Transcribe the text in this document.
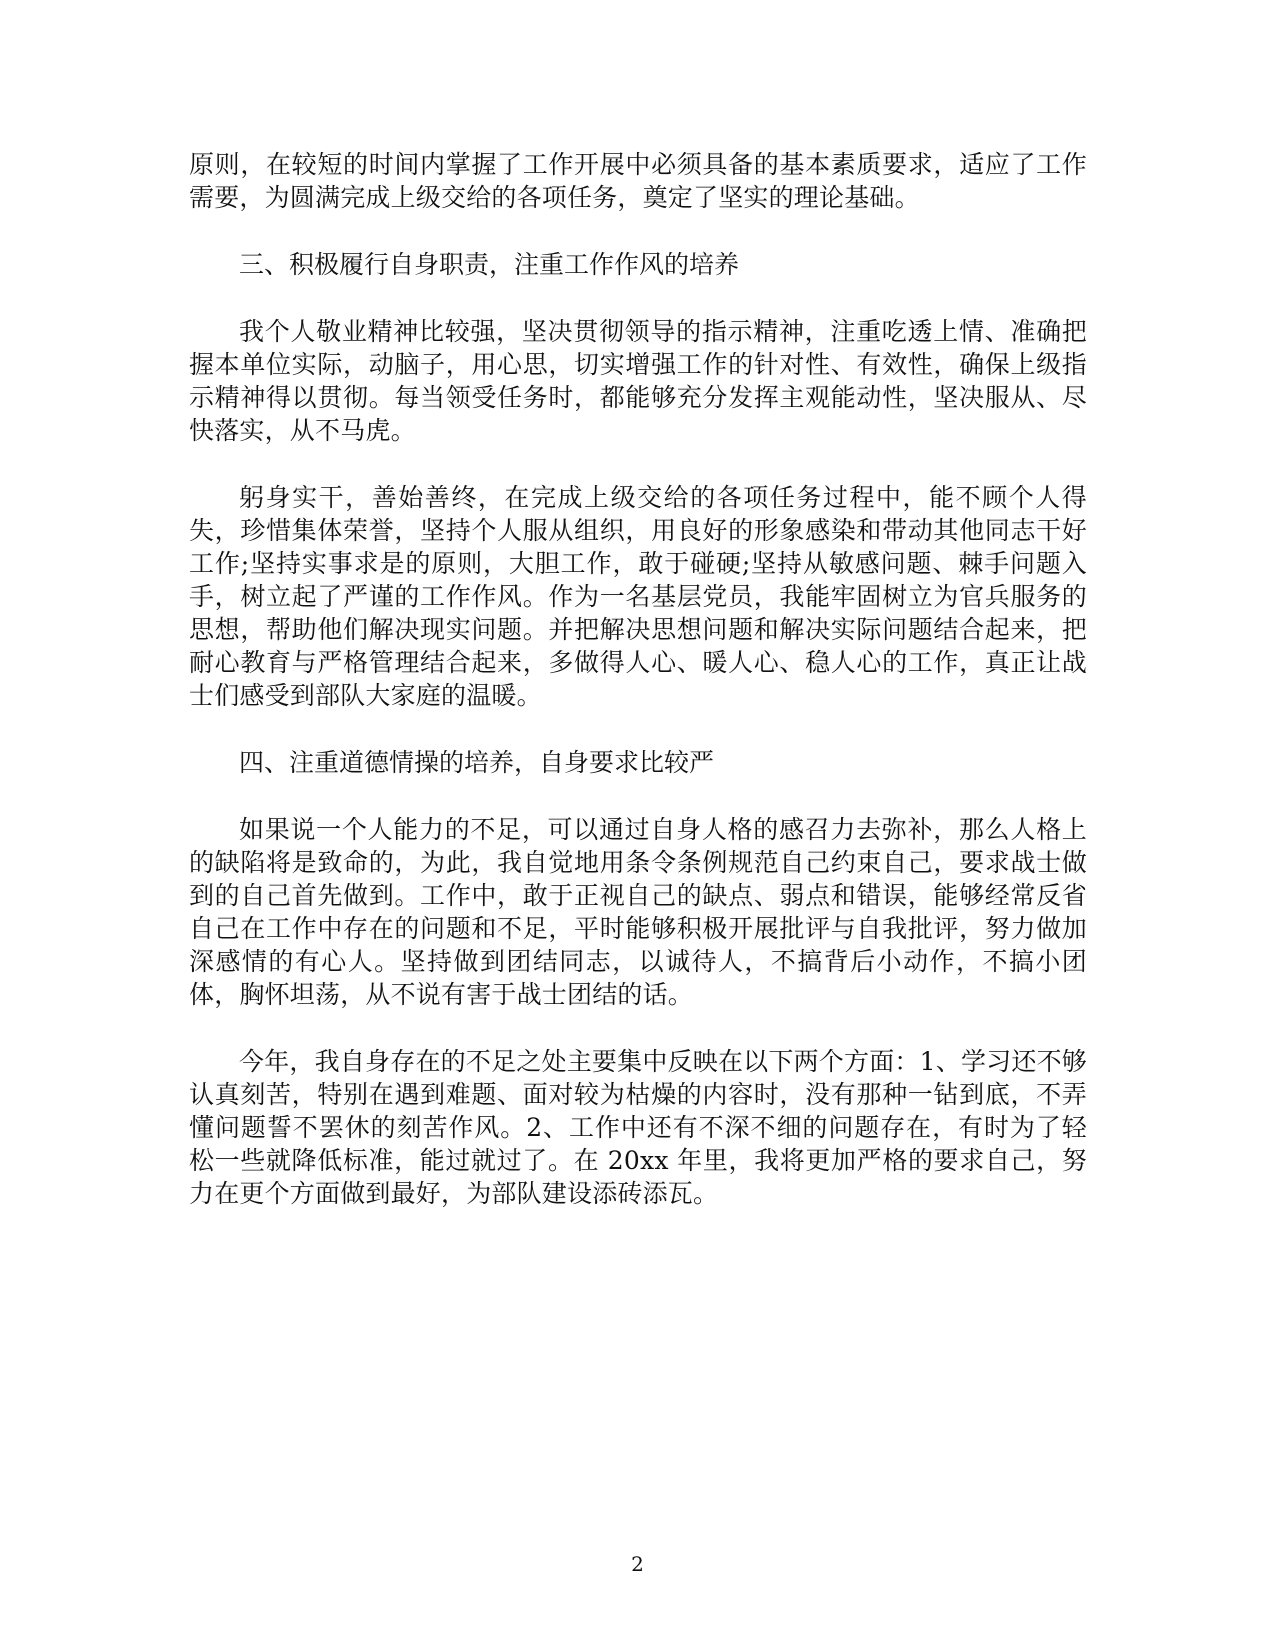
原则，在较短的时间内掌握了工作开展中必须具备的基本素质要求，适应了工作需要，为圆满完成上级交给的各项任务，奠定了坚实的理论基础。

三、积极履行自身职责，注重工作作风的培养

我个人敬业精神比较强，坚决贯彻领导的指示精神，注重吃透上情、准确把握本单位实际，动脑子，用心思，切实增强工作的针对性、有效性，确保上级指示精神得以贯彻。每当领受任务时，都能够充分发挥主观能动性，坚决服从、尽快落实，从不马虎。

躬身实干，善始善终，在完成上级交给的各项任务过程中，能不顾个人得失，珍惜集体荣誉，坚持个人服从组织，用良好的形象感染和带动其他同志干好工作;坚持实事求是的原则，大胆工作，敢于碰硬;坚持从敏感问题、棘手问题入手，树立起了严谨的工作作风。作为一名基层党员，我能牢固树立为官兵服务的思想，帮助他们解决现实问题。并把解决思想问题和解决实际问题结合起来，把耐心教育与严格管理结合起来，多做得人心、暖人心、稳人心的工作，真正让战士们感受到部队大家庭的温暖。

四、注重道德情操的培养，自身要求比较严

如果说一个人能力的不足，可以通过自身人格的感召力去弥补，那么人格上的缺陷将是致命的，为此，我自觉地用条令条例规范自己约束自己，要求战士做到的自己首先做到。工作中，敢于正视自己的缺点、弱点和错误，能够经常反省自己在工作中存在的问题和不足，平时能够积极开展批评与自我批评，努力做加深感情的有心人。坚持做到团结同志，以诚待人，不搞背后小动作，不搞小团体，胸怀坦荡，从不说有害于战士团结的话。

今年，我自身存在的不足之处主要集中反映在以下两个方面：1、学习还不够认真刻苦，特别在遇到难题、面对较为枯燥的内容时，没有那种一钻到底，不弄懂问题誓不罢休的刻苦作风。2、工作中还有不深不细的问题存在，有时为了轻松一些就降低标准，能过就过了。在 20xx 年里，我将更加严格的要求自己，努力在更个方面做到最好，为部队建设添砖添瓦。

2
